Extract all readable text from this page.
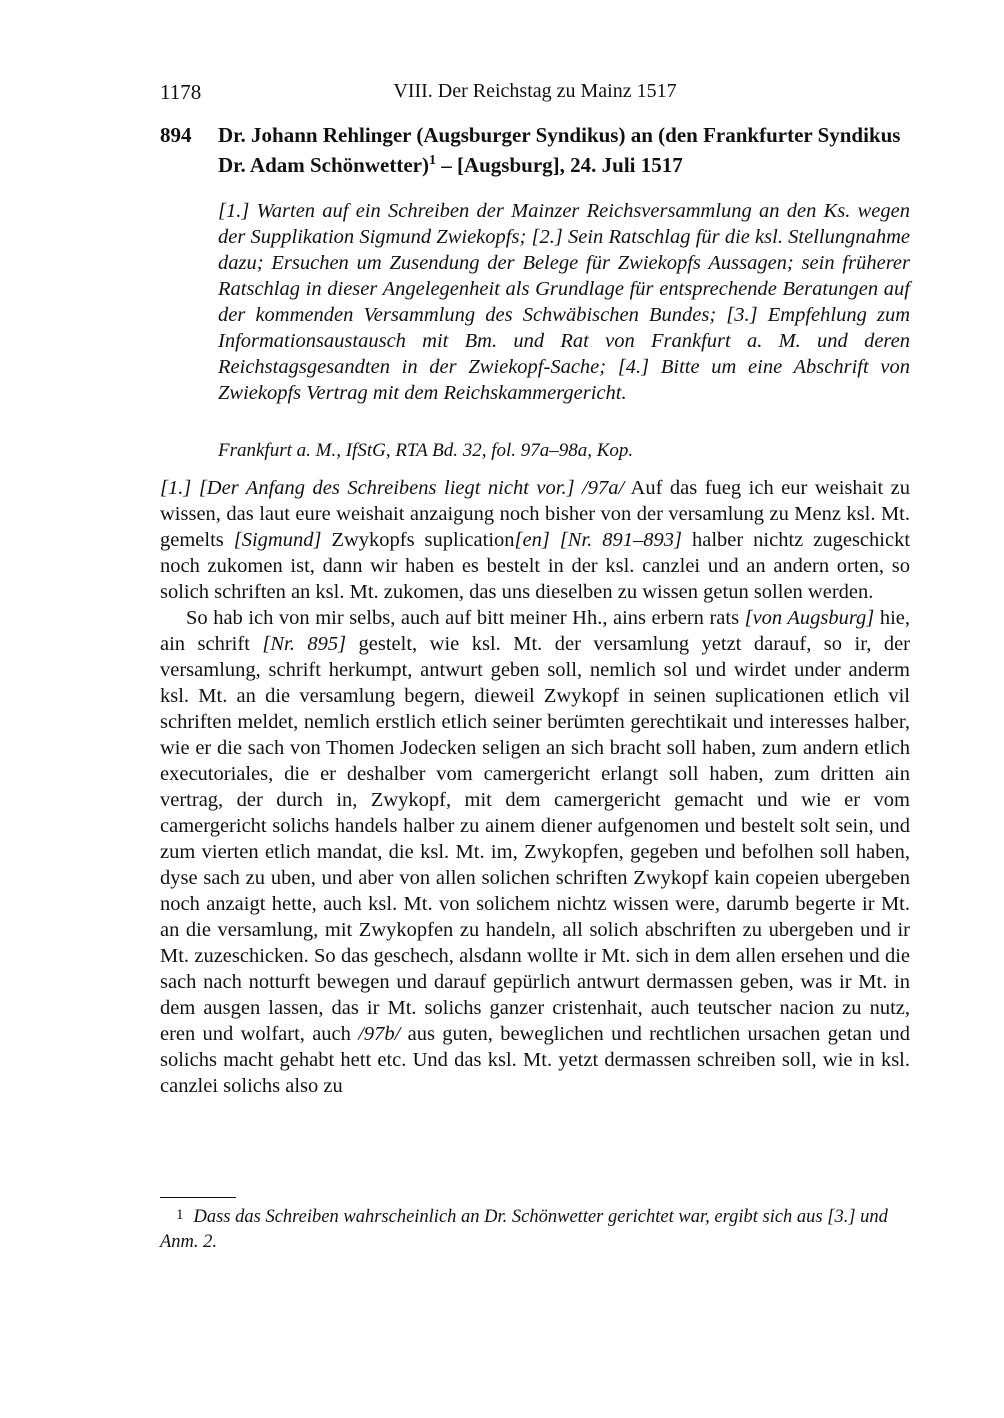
1178	VIII. Der Reichstag zu Mainz 1517
894 Dr. Johann Rehlinger (Augsburger Syndikus) an (den Frankfurter Syndikus Dr. Adam Schönwetter)$^1$ – [Augsburg], 24. Juli 1517
[1.] Warten auf ein Schreiben der Mainzer Reichsversammlung an den Ks. wegen der Supplikation Sigmund Zwiekopfs; [2.] Sein Ratschlag für die ksl. Stellungnahme dazu; Ersuchen um Zusendung der Belege für Zwiekopfs Aussagen; sein früherer Ratschlag in dieser Angelegenheit als Grundlage für entsprechende Beratungen auf der kommenden Versammlung des Schwäbischen Bundes; [3.] Empfehlung zum Informationsaustausch mit Bm. und Rat von Frankfurt a. M. und deren Reichstagsgesandten in der Zwiekopf-Sache; [4.] Bitte um eine Abschrift von Zwiekopfs Vertrag mit dem Reichskammergericht.
Frankfurt a. M., IfStG, RTA Bd. 32, fol. 97a–98a, Kop.

[1.] [Der Anfang des Schreibens liegt nicht vor.] /97a/ Auf das fueg ich eur weishait zu wissen, das laut eure weishait anzaigung noch bisher von der versamlung zu Menz ksl. Mt. gemelts [Sigmund] Zwykopfs suplication[en] [Nr. 891–893] halber nichtz zugeschickt noch zukomen ist, dann wir haben es bestelt in der ksl. canzlei und an andern orten, so solich schriften an ksl. Mt. zukomen, das uns dieselben zu wissen getun sollen werden.

So hab ich von mir selbs, auch auf bitt meiner Hh., ains erbern rats [von Augsburg] hie, ain schrift [Nr. 895] gestelt, wie ksl. Mt. der versamlung yetzt darauf, so ir, der versamlung, schrift herkumpt, antwurt geben soll, nemlich sol und wirdet under anderm ksl. Mt. an die versamlung begern, dieweil Zwykopf in seinen suplicationen etlich vil schriften meldet, nemlich erstlich etlich seiner berümten gerechtikait und interesses halber, wie er die sach von Thomen Jodecken seligen an sich bracht soll haben, zum andern etlich executoriales, die er deshalber vom camergericht erlangt soll haben, zum dritten ain vertrag, der durch in, Zwykopf, mit dem camergericht gemacht und wie er vom camergericht solichs handels halber zu ainem diener aufgenomen und bestelt solt sein, und zum vierten etlich mandat, die ksl. Mt. im, Zwykopfen, gegeben und befolhen soll haben, dyse sach zu uben, und aber von allen solichen schriften Zwykopf kain copeien ubergeben noch anzaigt hette, auch ksl. Mt. von solichem nichtz wissen were, darumb begerte ir Mt. an die versamlung, mit Zwykopfen zu handeln, all solich abschriften zu ubergeben und ir Mt. zuzeschicken. So das geschech, alsdann wollte ir Mt. sich in dem allen ersehen und die sach nach notturft bewegen und darauf gepürlich antwurt dermassen geben, was ir Mt. in dem ausgen lassen, das ir Mt. solichs ganzer cristenhait, auch teutscher nacion zu nutz, eren und wolfart, auch /97b/ aus guten, beweglichen und rechtlichen ursachen getan und solichs macht gehabt hett etc. Und das ksl. Mt. yetzt dermassen schreiben soll, wie in ksl. canzlei solichs also zu

1 Dass das Schreiben wahrscheinlich an Dr. Schönwetter gerichtet war, ergibt sich aus [3.] und Anm. 2.
